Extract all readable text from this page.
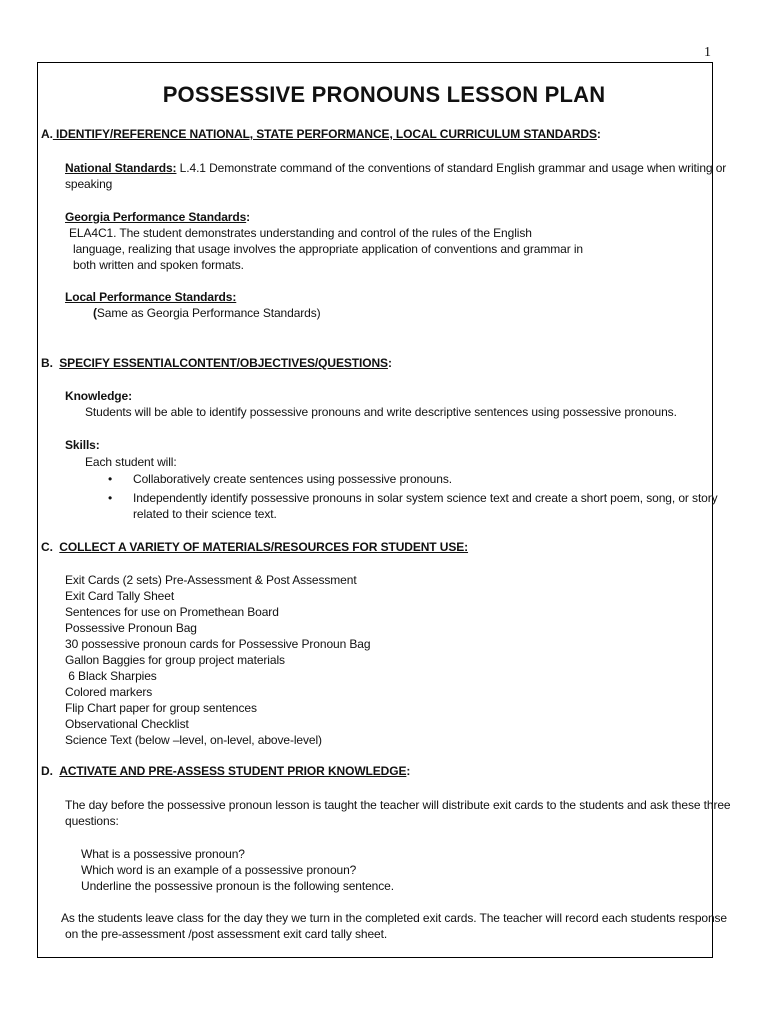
1
POSSESSIVE PRONOUNS LESSON PLAN
A. IDENTIFY/REFERENCE NATIONAL, STATE PERFORMANCE, LOCAL CURRICULUM STANDARDS:
National Standards: L.4.1 Demonstrate command of the conventions of standard English grammar and usage when writing or
speaking
Georgia Performance Standards:
ELA4C1. The student demonstrates understanding and control of the rules of the English
language, realizing that usage involves the appropriate application of conventions and grammar in
both written and spoken formats.
Local Performance Standards:
(Same as Georgia Performance Standards)
B. SPECIFY ESSENTIALCONTENT/OBJECTIVES/QUESTIONS:
Knowledge:
Students will be able to identify possessive pronouns and write descriptive sentences using possessive pronouns.
Skills:
Each student will:
• Collaboratively create sentences using possessive pronouns.
• Independently identify possessive pronouns in solar system science text and create a short poem, song, or story
related to their science text.
C. COLLECT A VARIETY OF MATERIALS/RESOURCES FOR STUDENT USE:
Exit Cards (2 sets) Pre-Assessment & Post Assessment
Exit Card Tally Sheet
Sentences for use on Promethean Board
Possessive Pronoun Bag
30 possessive pronoun cards for Possessive Pronoun Bag
Gallon Baggies for group project materials
6 Black Sharpies
Colored markers
Flip Chart paper for group sentences
Observational Checklist
Science Text (below –level, on-level, above-level)
D. ACTIVATE AND PRE-ASSESS STUDENT PRIOR KNOWLEDGE:
The day before the possessive pronoun lesson is taught the teacher will distribute exit cards to the students and ask these three
questions:
What is a possessive pronoun?
Which word is an example of a possessive pronoun?
Underline the possessive pronoun is the following sentence.
As the students leave class for the day they we turn in the completed exit cards. The teacher will record each students response
on the pre-assessment /post assessment exit card tally sheet.
